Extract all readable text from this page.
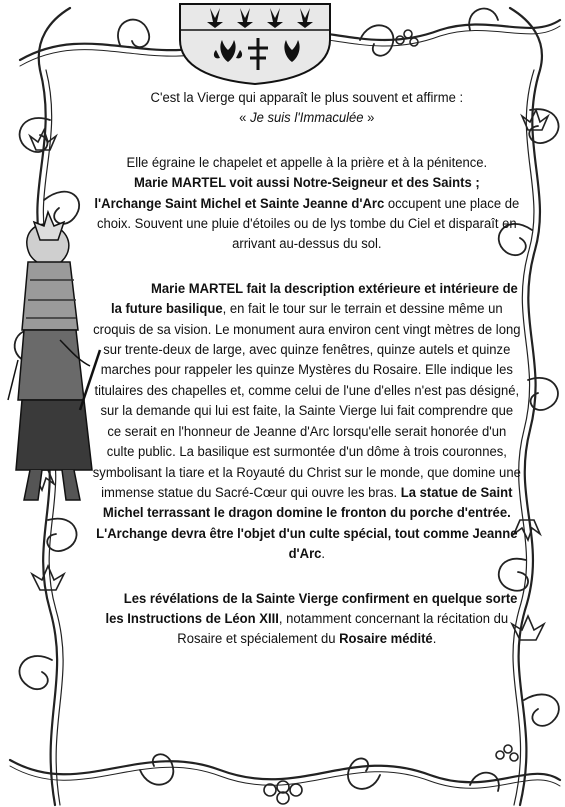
C'est la Vierge qui apparaît le plus souvent et affirme :
« Je suis l'Immaculée »

Elle égraine le chapelet et appelle à la prière et à la pénitence.
Marie MARTEL voit aussi Notre-Seigneur et des Saints ;
l'Archange Saint Michel et Sainte Jeanne d'Arc occupent une place de choix. Souvent une pluie d'étoiles ou de lys tombe du Ciel et disparaît en arrivant au-dessus du sol.

Marie MARTEL fait la description extérieure et intérieure de la future basilique, en fait le tour sur le terrain et dessine même un croquis de sa vision. Le monument aura environ cent vingt mètres de long sur trente-deux de large, avec quinze fenêtres, quinze autels et quinze marches pour rappeler les quinze Mystères du Rosaire. Elle indique les titulaires des chapelles et, comme celui de l'une d'elles n'est pas désigné, sur la demande qui lui est faite, la Sainte Vierge lui fait comprendre que ce serait en l'honneur de Jeanne d'Arc lorsqu'elle serait honorée d'un culte public. La basilique est surmontée d'un dôme à trois couronnes, symbolisant la tiare et la Royauté du Christ sur le monde, que domine une immense statue du Sacré-Cœur qui ouvre les bras. La statue de Saint Michel terrassant le dragon domine le fronton du porche d'entrée. L'Archange devra être l'objet d'un culte spécial, tout comme Jeanne d'Arc.

Les révélations de la Sainte Vierge confirment en quelque sorte les Instructions de Léon XIII, notamment concernant la récitation du Rosaire et spécialement du Rosaire médité.
